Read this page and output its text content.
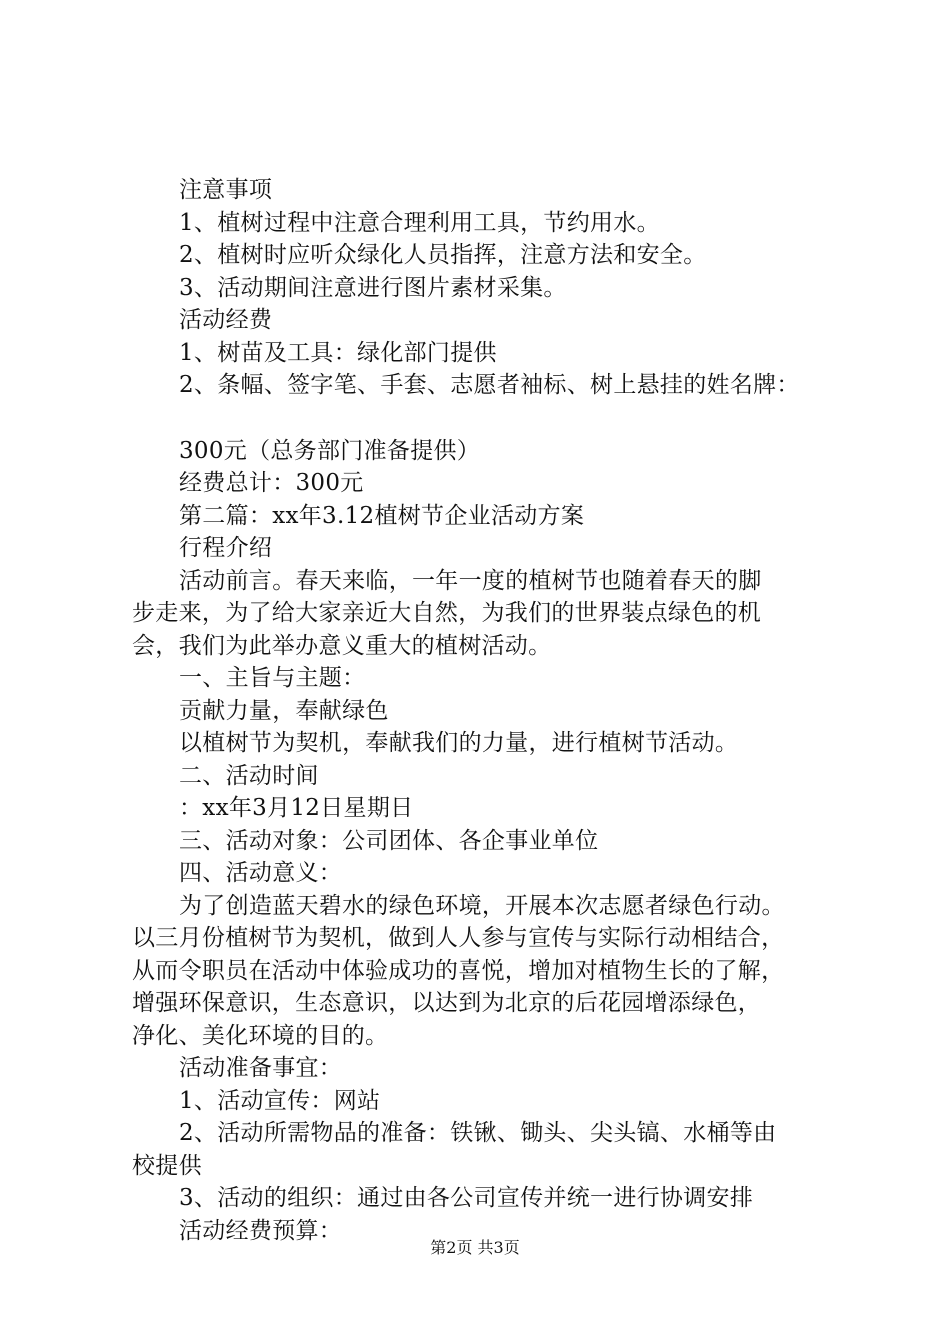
注意事项
1、植树过程中注意合理利用工具，节约用水。
2、植树时应听众绿化人员指挥，注意方法和安全。
3、活动期间注意进行图片素材采集。
活动经费
1、树苗及工具：绿化部门提供
2、条幅、签字笔、手套、志愿者袖标、树上悬挂的姓名牌：
300元（总务部门准备提供）
经费总计：300元
第二篇：xx年3.12植树节企业活动方案
行程介绍
活动前言。春天来临，一年一度的植树节也随着春天的脚
步走来，为了给大家亲近大自然，为我们的世界装点绿色的机
会，我们为此举办意义重大的植树活动。
一、主旨与主题：
贡献力量，奉献绿色
以植树节为契机，奉献我们的力量，进行植树节活动。
二、活动时间
：xx年3月12日星期日
三、活动对象：公司团体、各企事业单位
四、活动意义：
为了创造蓝天碧水的绿色环境，开展本次志愿者绿色行动。
以三月份植树节为契机，做到人人参与宣传与实际行动相结合，
从而令职员在活动中体验成功的喜悦，增加对植物生长的了解，
增强环保意识，生态意识，以达到为北京的后花园增添绿色，
净化、美化环境的目的。
活动准备事宜：
1、活动宣传：网站
2、活动所需物品的准备：铁锹、锄头、尖头镐、水桶等由
校提供
3、活动的组织：通过由各公司宣传并统一进行协调安排
活动经费预算：
第2页 共3页
